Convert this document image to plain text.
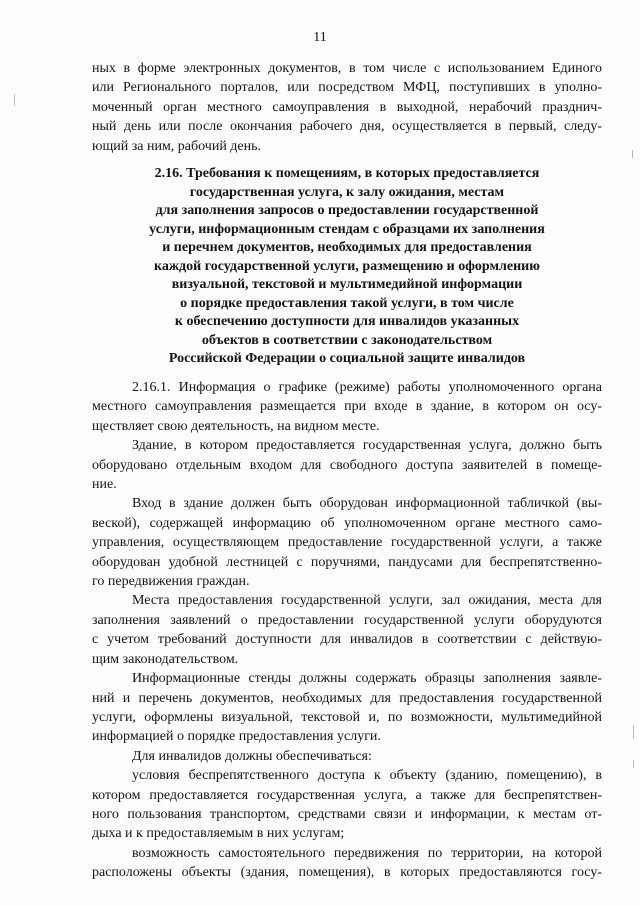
11

ных в форме электронных документов, в том числе с использованием Единого
или Регионального порталов, или посредством МФЦ, поступивших в уполно-
моченный орган местного самоуправления в выходной, нерабочий празднич-
ный день или после окончания рабочего дня, осуществляется в первый, следу-
ющий за ним, рабочий день.

2.16. Требования к помещениям, в которых предоставляется
государственная услуга, к залу ожидания, местам
для заполнения запросов о предоставлении государственной
услуги, информационным стендам с образцами их заполнения
и перечнем документов, необходимых для предоставления
каждой государственной услуги, размещению и оформлению
визуальной, текстовой и мультимедийной информации
о порядке предоставления такой услуги, в том числе
к обеспечению доступности для инвалидов указанных
объектов в соответствии с законодательством
Российской Федерации о социальной защите инвалидов

2.16.1. Информация о графике (режиме) работы уполномоченного органа
местного самоуправления размещается при входе в здание, в котором он осу-
ществляет свою деятельность, на видном месте.

Здание, в котором предоставляется государственная услуга, должно быть
оборудовано отдельным входом для свободного доступа заявителей в помеще-
ние.

Вход в здание должен быть оборудован информационной табличкой (вы-
веской), содержащей информацию об уполномоченном органе местного само-
управления, осуществляющем предоставление государственной услуги, а также
оборудован удобной лестницей с поручнями, пандусами для беспрепятственно-
го передвижения граждан.

Места предоставления государственной услуги, зал ожидания, места для
заполнения заявлений о предоставлении государственной услуги оборудуются
с учетом требований доступности для инвалидов в соответствии с действую-
щим законодательством.

Информационные стенды должны содержать образцы заполнения заявле-
ний и перечень документов, необходимых для предоставления государственной
услуги, оформлены визуальной, текстовой и, по возможности, мультимедийной
информацией о порядке предоставления услуги.

Для инвалидов должны обеспечиваться:

условия беспрепятственного доступа к объекту (зданию, помещению), в
котором предоставляется государственная услуга, а также для беспрепятствен-
ного пользования транспортом, средствами связи и информации, к местам от-
дыха и к предоставляемым в них услугам;

возможность самостоятельного передвижения по территории, на которой
расположены объекты (здания, помещения), в которых предоставляются госу-
